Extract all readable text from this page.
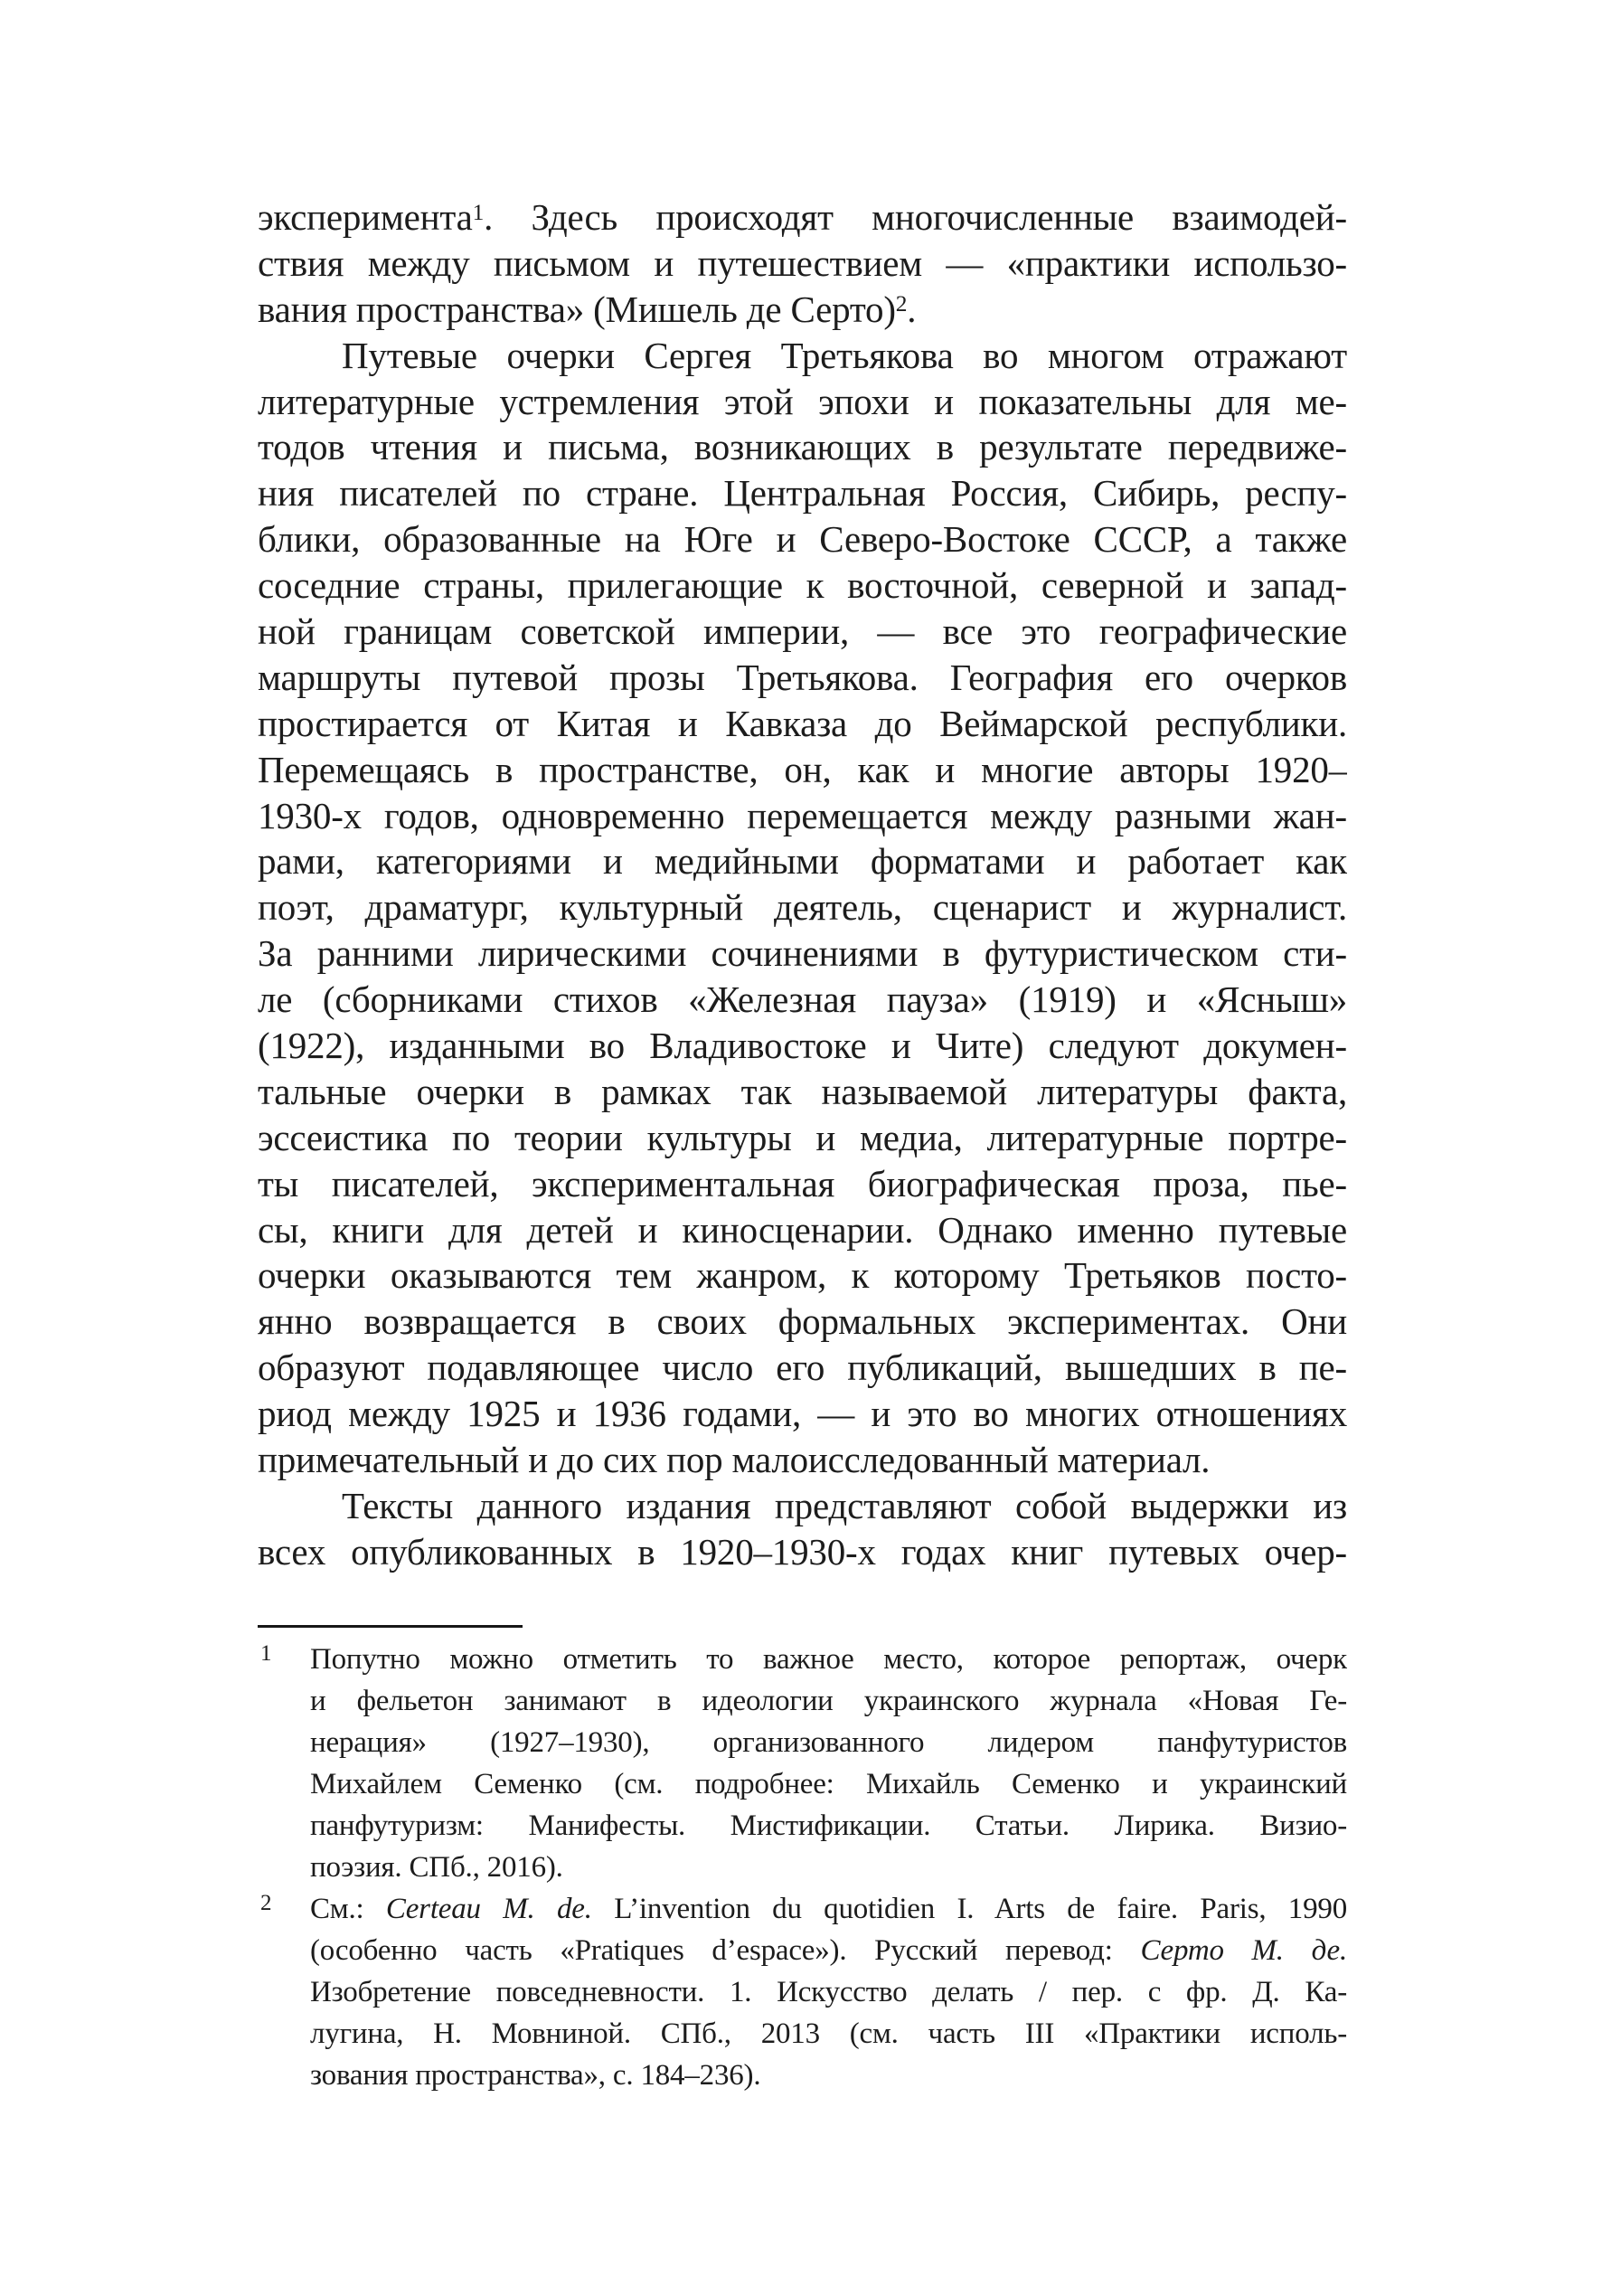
эксперимента$^1$. Здесь происходят многочисленные взаимодей-
ствия между письмом и путешествием — «практики использо-
вания пространства» (Мишель де Серто)$^2$.
Путевые очерки Сергея Третьякова во многом отражают
литературные устремления этой эпохи и показательны для ме-
тодов чтения и письма, возникающих в результате передвиже-
ния писателей по стране. Центральная Россия, Сибирь, респу-
блики, образованные на Юге и Северо-Востоке СССР, а также
соседние страны, прилегающие к восточной, северной и запад-
ной границам советской империи, — все это географические
маршруты путевой прозы Третьякова. География его очерков
простирается от Китая и Кавказа до Веймарской республики.
Перемещаясь в пространстве, он, как и многие авторы 1920–
1930-х годов, одновременно перемещается между разными жан-
рами, категориями и медийными форматами и работает как
поэт, драматург, культурный деятель, сценарист и журналист.
За ранними лирическими сочинениями в футуристическом сти-
ле (сборниками стихов «Железная пауза» (1919) и «Ясныш»
(1922), изданными во Владивостоке и Чите) следуют докумен-
тальные очерки в рамках так называемой литературы факта,
эссеистика по теории культуры и медиа, литературные портре-
ты писателей, экспериментальная биографическая проза, пье-
сы, книги для детей и киносценарии. Однако именно путевые
очерки оказываются тем жанром, к которому Третьяков посто-
янно возвращается в своих формальных экспериментах. Они
образуют подавляющее число его публикаций, вышедших в пе-
риод между 1925 и 1936 годами, — и это во многих отношениях
примечательный и до сих пор малоисследованный материал.
Тексты данного издания представляют собой выдержки из
всех опубликованных в 1920–1930-х годах книг путевых очер-
1 Попутно можно отметить то важное место, которое репортаж, очерк
и фельетон занимают в идеологии украинского журнала «Новая Ге-
нерация» (1927–1930), организованного лидером панфутуристов
Михайлем Семенко (см. подробнее: Михайль Семенко и украинский
панфутуризм: Манифесты. Мистификации. Статьи. Лирика. Визио-
поэзия. СПб., 2016).
2 См.: Certeau M. de. L’invention du quotidien I. Arts de faire. Paris, 1990
(особенно часть «Pratiques d’espace»). Русский перевод: Серто М. де.
Изобретение повседневности. 1. Искусство делать / пер. с фр. Д. Ка-
лугина, Н. Мовниной. СПб., 2013 (см. часть III «Практики исполь-
зования пространства», с. 184–236).
